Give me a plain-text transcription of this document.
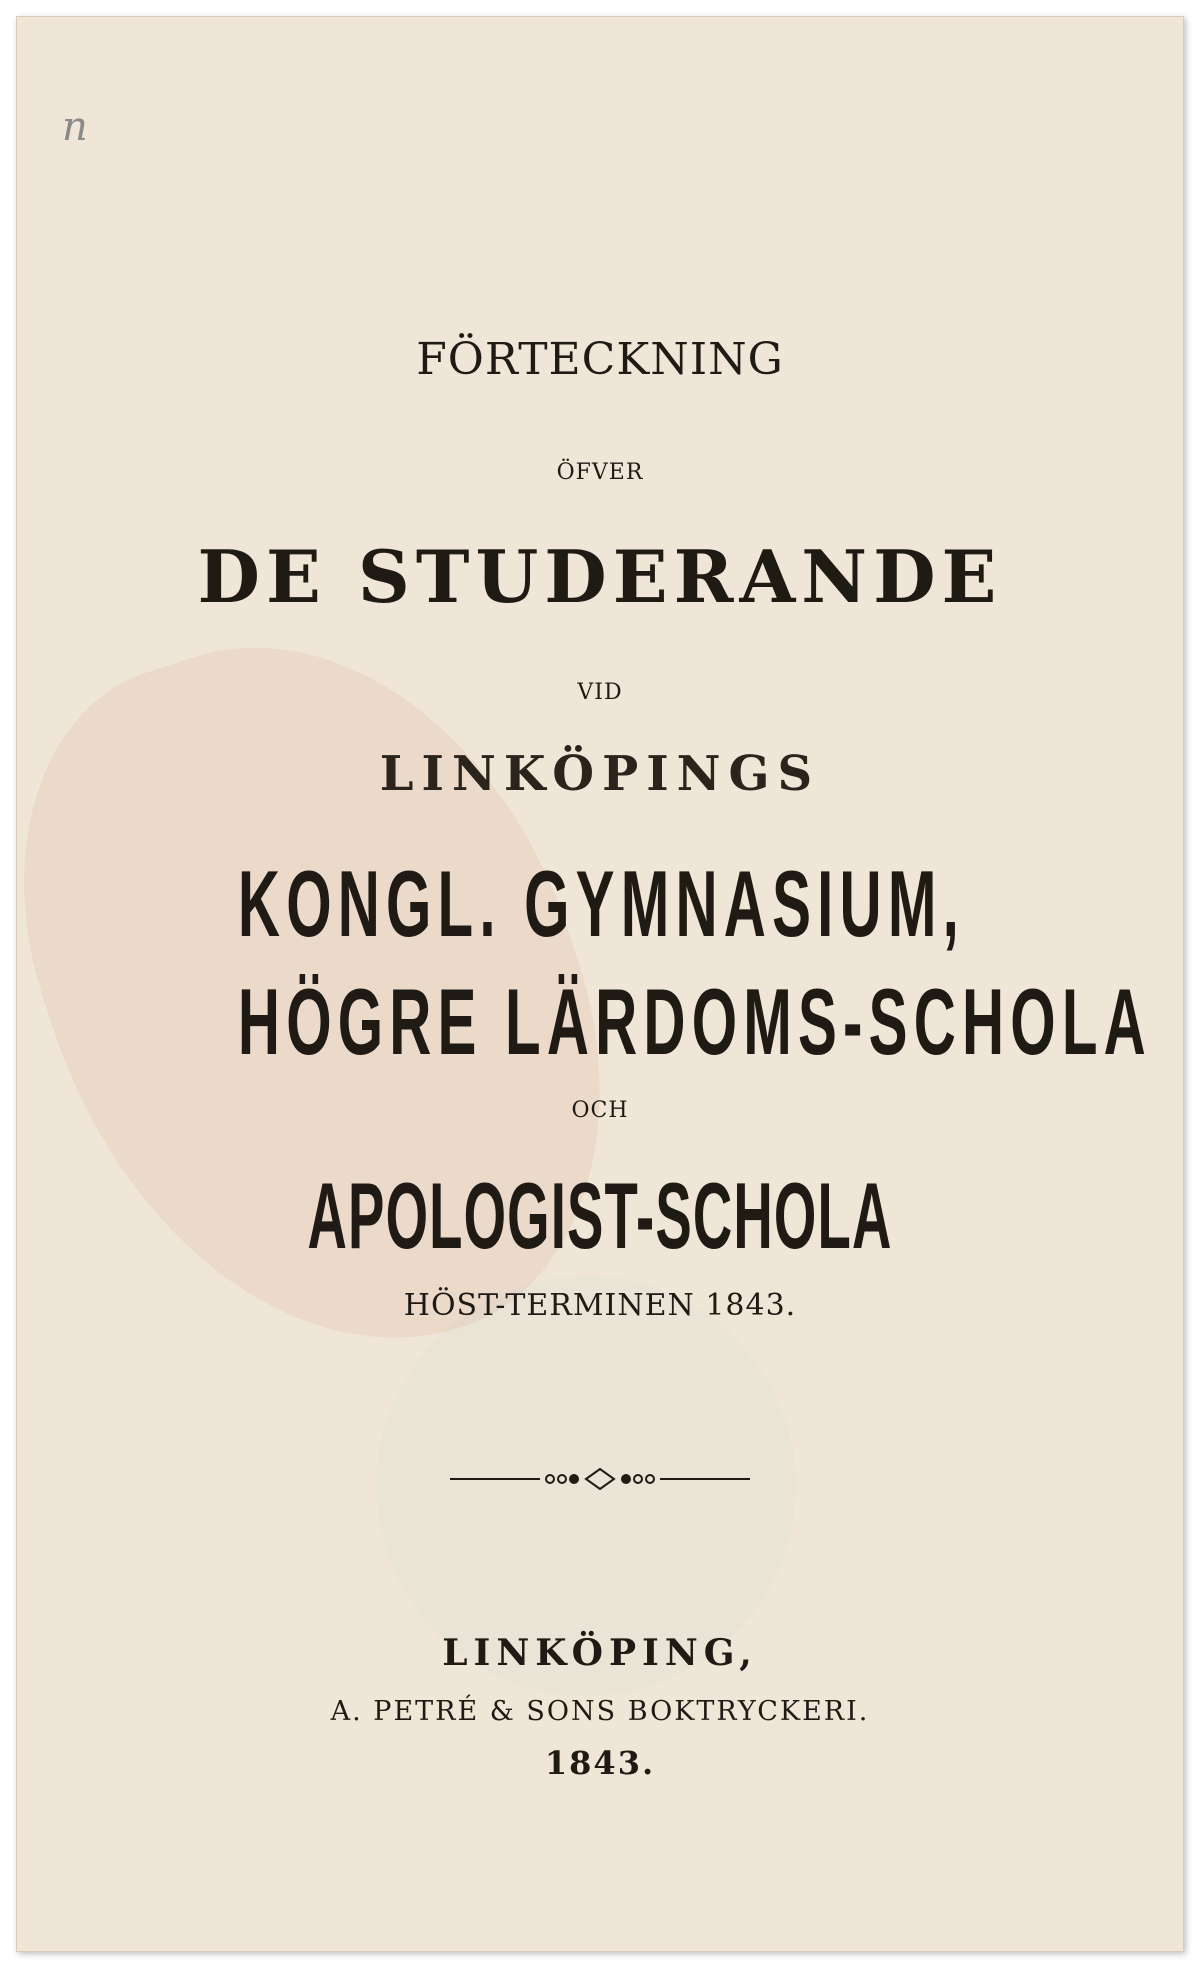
n
FÖRTECKNING
ÖFVER
DE STUDERANDE
VID
LINKÖPINGS
KONGL. GYMNASIUM,
HÖGRE LÄRDOMS-SCHOLA
OCH
APOLOGIST-SCHOLA
HÖST-TERMINEN 1843.
LINKÖPING,
A. PETRÉ & SONS BOKTRYCKERI.
1843.
